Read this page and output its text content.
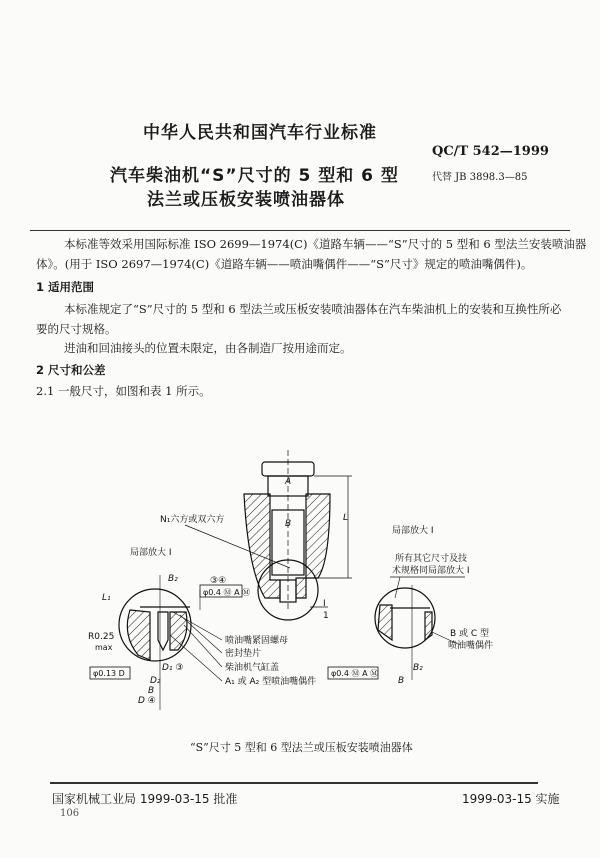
中华人民共和国汽车行业标准
QC/T 542—1999
代替 JB 3898.3—85
汽车柴油机“S”尺寸的 5 型和 6 型
法兰或压板安装喷油器体
本标准等效采用国际标准 ISO 2699—1974(C)《道路车辆——“S”尺寸的 5 型和 6 型法兰安装喷油器
体》。(用于 ISO 2697—1974(C)《道路车辆——喷油嘴偶件——“S”尺寸》规定的喷油嘴偶件)。
1 适用范围
本标准规定了“S”尺寸的 5 型和 6 型法兰或压板安装喷油器体在汽车柴油机上的安装和互换性所必
要的尺寸规格。
进油和回油接头的位置未限定，由各制造厂按用途而定。
2 尺寸和公差
2.1 一般尺寸，如图和表 1 所示。
N₁六方或双六方
A
B
L
I
1
局部放大 I
B₂	③④
φ0.4 Ⓜ A Ⓜ
L₁
R0.25
max
喷油嘴紧固螺母
密封垫片
柴油机气缸盖
A₁ 或 A₂ 型喷油嘴偶件
φ0.13 D
D₁ ③
D₂
B
D ④
局部放大 I
所有其它尺寸及技
术规格同局部放大 I
B 或 C 型
喷油嘴偶件
φ0.4 Ⓜ A Ⓜ
B₂
B
“S”尺寸 5 型和 6 型法兰或压板安装喷油器体
国家机械工业局 1999-03-15 批准	1999-03-15 实施
106
